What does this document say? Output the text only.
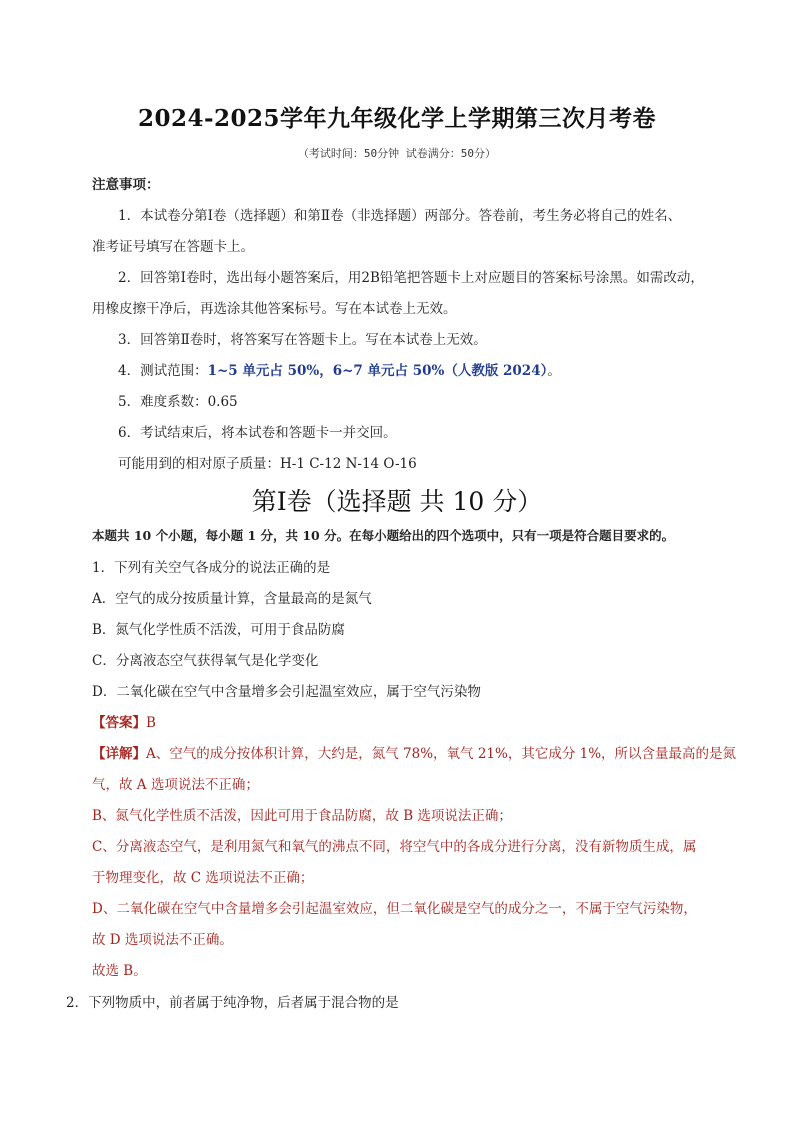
2024-2025学年九年级化学上学期第三次月考卷
（考试时间：50分钟 试卷满分：50分）
注意事项：
1．本试卷分第Ⅰ卷（选择题）和第Ⅱ卷（非选择题）两部分。答卷前，考生务必将自己的姓名、
准考证号填写在答题卡上。
2．回答第Ⅰ卷时，选出每小题答案后，用2B铅笔把答题卡上对应题目的答案标号涂黑。如需改动，
用橡皮擦干净后，再选涂其他答案标号。写在本试卷上无效。
3．回答第Ⅱ卷时，将答案写在答题卡上。写在本试卷上无效。
4．测试范围：1~5 单元占 50%，6~7 单元占 50%（人教版 2024）。
5．难度系数：0.65
6．考试结束后，将本试卷和答题卡一并交回。
可能用到的相对原子质量：H-1 C-12 N-14 O-16
第Ⅰ卷（选择题 共 10 分）
本题共 10 个小题，每小题 1 分，共 10 分。在每小题给出的四个选项中，只有一项是符合题目要求的。
1．下列有关空气各成分的说法正确的是
A．空气的成分按质量计算，含量最高的是氮气
B．氮气化学性质不活泼，可用于食品防腐
C．分离液态空气获得氧气是化学变化
D．二氧化碳在空气中含量增多会引起温室效应，属于空气污染物
【答案】B
【详解】A、空气的成分按体积计算，大约是，氮气 78%，氧气 21%，其它成分 1%，所以含量最高的是氮
气，故 A 选项说法不正确；
B、氮气化学性质不活泼，因此可用于食品防腐，故 B 选项说法正确；
C、分离液态空气，是利用氮气和氧气的沸点不同，将空气中的各成分进行分离，没有新物质生成，属
于物理变化，故 C 选项说法不正确；
D、二氧化碳在空气中含量增多会引起温室效应，但二氧化碳是空气的成分之一，不属于空气污染物，
故 D 选项说法不正确。
故选 B。
2．下列物质中，前者属于纯净物，后者属于混合物的是
